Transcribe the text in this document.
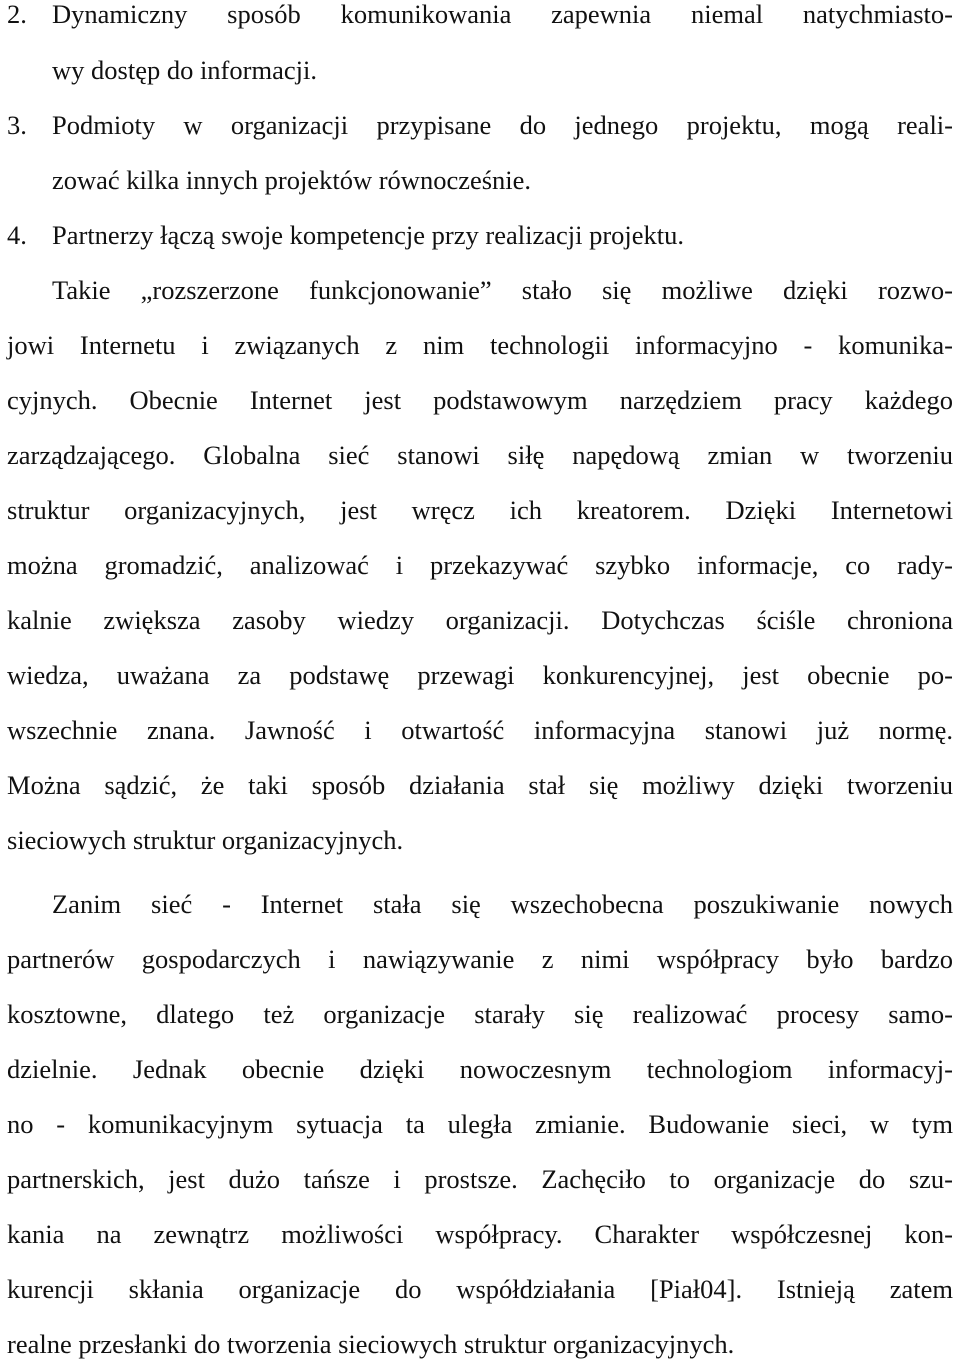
2. Dynamiczny sposób komunikowania zapewnia niemal natychmiasto-
wy dostęp do informacji.
3. Podmioty w organizacji przypisane do jednego projektu, mogą reali-
zować kilka innych projektów równocześnie.
4. Partnerzy łączą swoje kompetencje przy realizacji projektu.
Takie „rozszerzone funkcjonowanie” stało się możliwe dzięki rozwo-
jowi Internetu i związanych z nim technologii informacyjno - komunika-
cyjnych. Obecnie Internet jest podstawowym narzędziem pracy każdego
zarządzającego. Globalna sieć stanowi siłę napędową zmian w tworzeniu
struktur organizacyjnych, jest wręcz ich kreatorem. Dzięki Internetowi
można gromadzić, analizować i przekazywać szybko informacje, co rady-
kalnie zwiększa zasoby wiedzy organizacji. Dotychczas ściśle chroniona
wiedza, uważana za podstawę przewagi konkurencyjnej, jest obecnie po-
wszechnie znana. Jawność i otwartość informacyjna stanowi już normę.
Można sądzić, że taki sposób działania stał się możliwy dzięki tworzeniu
sieciowych struktur organizacyjnych.
Zanim sieć - Internet stała się wszechobecna poszukiwanie nowych
partnerów gospodarczych i nawiązywanie z nimi współpracy było bardzo
kosztowne, dlatego też organizacje starały się realizować procesy samo-
dzielnie. Jednak obecnie dzięki nowoczesnym technologiom informacyj-
no - komunikacyjnym sytuacja ta uległa zmianie. Budowanie sieci, w tym
partnerskich, jest dużo tańsze i prostsze. Zachęciło to organizacje do szu-
kania na zewnątrz możliwości współpracy. Charakter współczesnej kon-
kurencji skłania organizacje do współdziałania [Piał04]. Istnieją zatem
realne przesłanki do tworzenia sieciowych struktur organizacyjnych.
